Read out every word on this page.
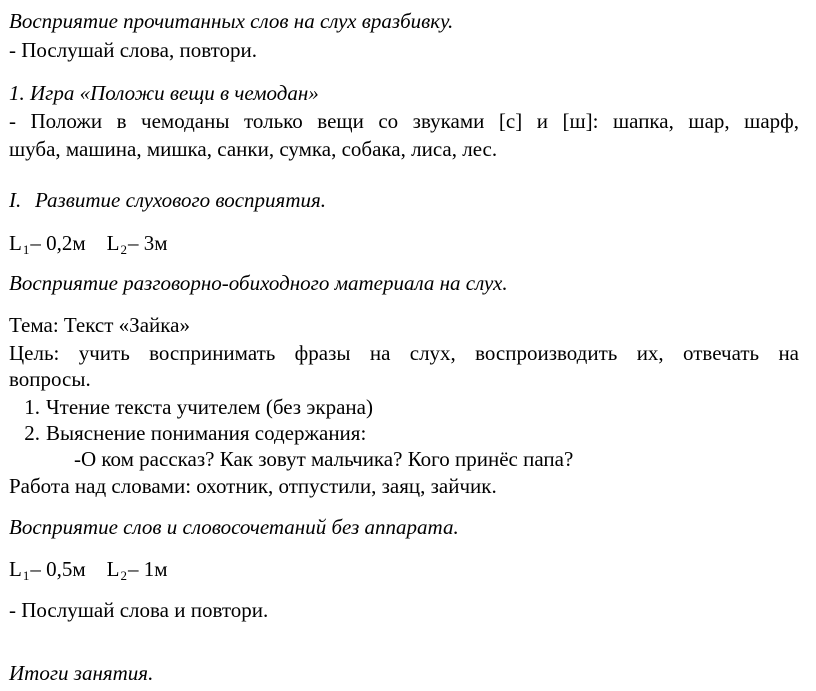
Восприятие прочитанных слов на слух вразбивку.
- Послушай слова, повтори.
1. Игра «Положи вещи в чемодан»
- Положи в чемоданы только вещи со звуками [с] и [ш]: шапка, шар, шарф,
шуба, машина, мишка, санки, сумка, собака, лиса, лес.
I. Развитие слухового восприятия.
L1– 0,2м L2– 3м
Восприятие разговорно-обиходного материала на слух.
Тема: Текст «Зайка»
Цель: учить воспринимать фразы на слух, воспроизводить их, отвечать на
вопросы.
1. Чтение текста учителем (без экрана)
2. Выяснение понимания содержания:
-О ком рассказ? Как зовут мальчика? Кого принёс папа?
Работа над словами: охотник, отпустили, заяц, зайчик.
Восприятие слов и словосочетаний без аппарата.
L1– 0,5м L2– 1м
- Послушай слова и повтори.
Итоги занятия.
